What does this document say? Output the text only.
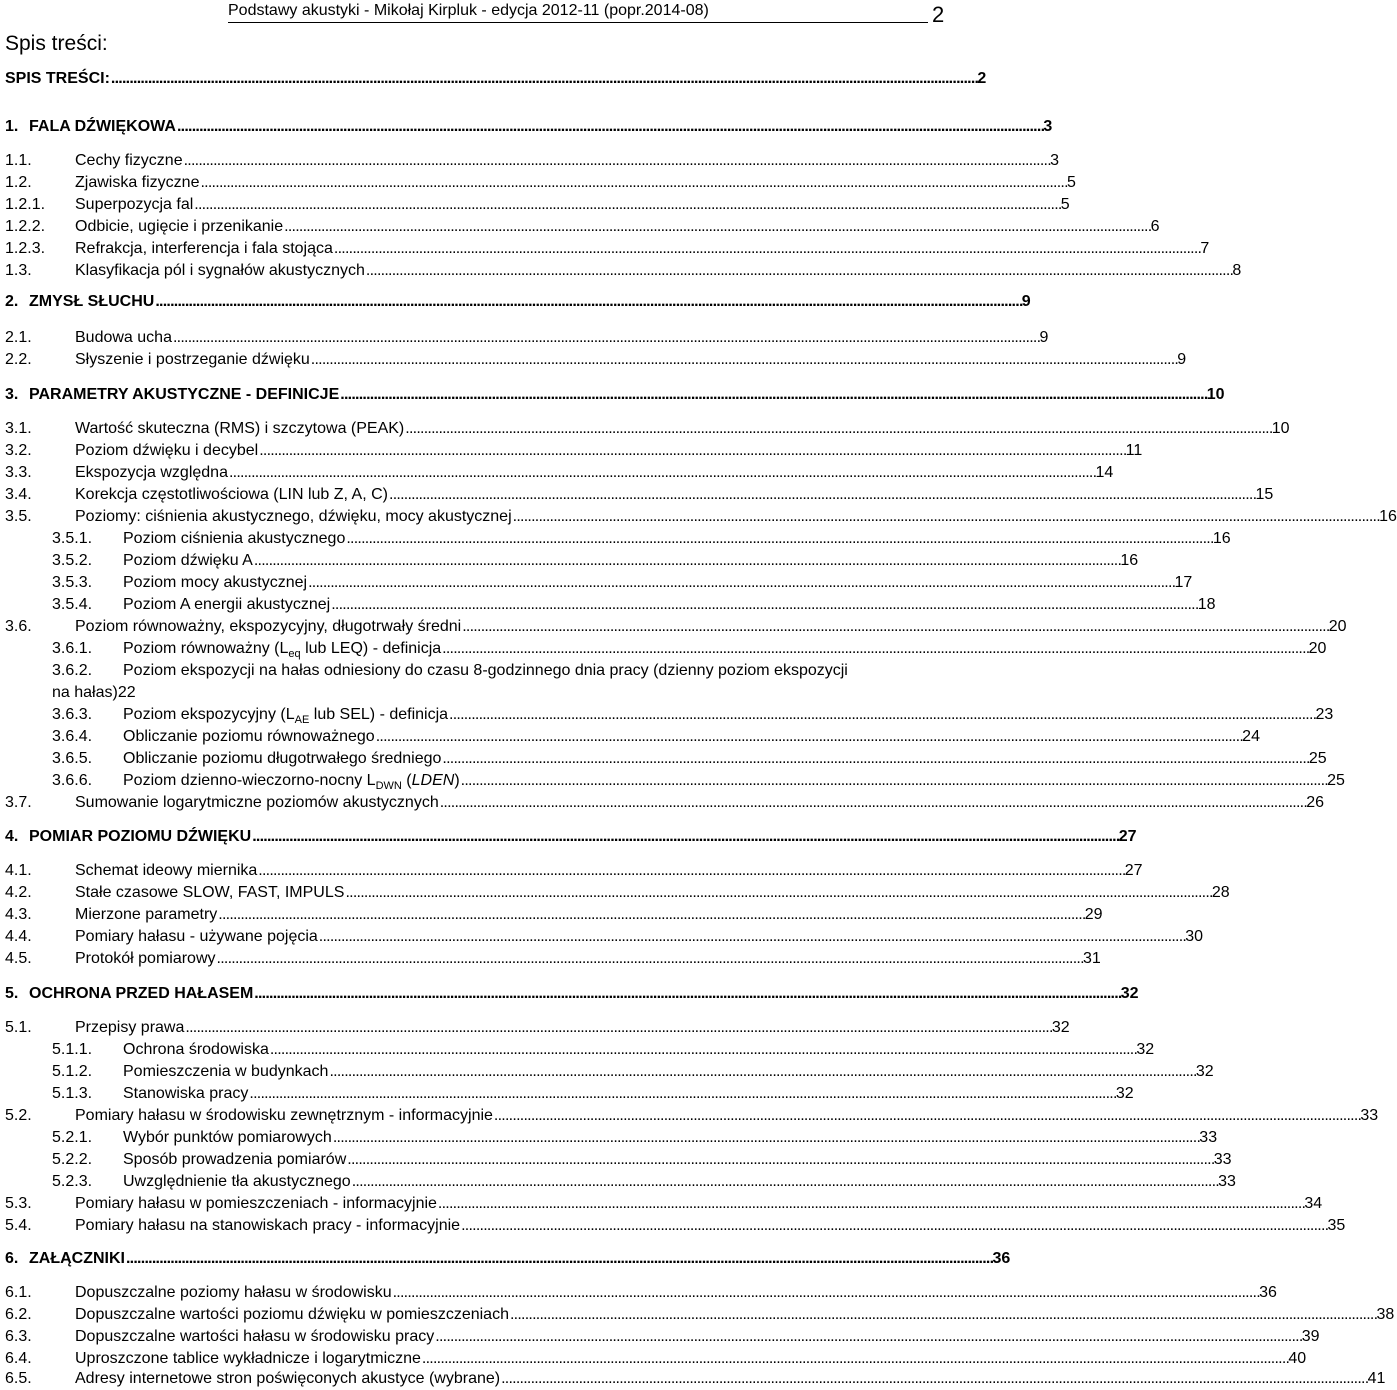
Podstawy akustyki - Mikołaj Kirpluk - edycja 2012-11 (popr.2014-08)	2
Spis treści:
SPIS TREŚCI: . . .	2
1. FALA DŹWIĘKOWA . . .	3
1.1.	Cechy fizyczne . . .	3
1.2.	Zjawiska fizyczne . . .	5
1.2.1.	Superpozycja fal . . .	5
1.2.2.	Odbicie, ugięcie i przenikanie . . .	6
1.2.3.	Refrakcja, interferencja i fala stojąca . . .	7
1.3.	Klasyfikacja pól i sygnałów akustycznych . . .	8
2. ZMYSŁ SŁUCHU . . .	9
2.1.	Budowa ucha . . .	9
2.2.	Słyszenie i postrzeganie dźwięku . . .	9
3. PARAMETRY AKUSTYCZNE - DEFINICJE . . .	10
3.1.	Wartość skuteczna (RMS) i szczytowa (PEAK) . . .	10
3.2.	Poziom dźwięku i decybel . . .	11
3.3.	Ekspozycja względna . . .	14
3.4.	Korekcja częstotliwościowa (LIN lub Z, A, C) . . .	15
3.5.	Poziomy: ciśnienia akustycznego, dźwięku, mocy akustycznej . . .	16
3.5.1.	Poziom ciśnienia akustycznego . . .	16
3.5.2.	Poziom dźwięku A . . .	16
3.5.3.	Poziom mocy akustycznej . . .	17
3.5.4.	Poziom A energii akustycznej . . .	18
3.6.	Poziom równoważny, ekspozycyjny, długotrwały średni . . .	20
3.6.1.	Poziom równoważny ($L_{eq}$ lub LEQ) - definicja . . .	20
3.6.2. Poziom ekspozycji na hałas odniesiony do czasu 8-godzinnego dnia pracy (dzienny poziom ekspozycji
na hałas) 22
3.6.3.	Poziom ekspozycyjny ($L_{AE}$ lub SEL) - definicja . . .	23
3.6.4.	Obliczanie poziomu równoważnego . . .	24
3.6.5.	Obliczanie poziomu długotrwałego średniego . . .	25
3.6.6.	Poziom dzienno-wieczorno-nocny $L_{DWN}$ (LDEN) . . .	25
3.7.	Sumowanie logarytmiczne poziomów akustycznych . . .	26
4. POMIAR POZIOMU DŹWIĘKU . . .	27
4.1.	Schemat ideowy miernika . . .	27
4.2.	Stałe czasowe SLOW, FAST, IMPULS . . .	28
4.3.	Mierzone parametry . . .	29
4.4.	Pomiary hałasu - używane pojęcia . . .	30
4.5.	Protokół pomiarowy . . .	31
5. OCHRONA PRZED HAŁASEM . . .	32
5.1.	Przepisy prawa . . .	32
5.1.1.	Ochrona środowiska . . .	32
5.1.2.	Pomieszczenia w budynkach . . .	32
5.1.3.	Stanowiska pracy . . .	32
5.2.	Pomiary hałasu w środowisku zewnętrznym - informacyjnie . . .	33
5.2.1.	Wybór punktów pomiarowych . . .	33
5.2.2.	Sposób prowadzenia pomiarów . . .	33
5.2.3.	Uwzględnienie tła akustycznego . . .	33
5.3.	Pomiary hałasu w pomieszczeniach - informacyjnie . . .	34
5.4.	Pomiary hałasu na stanowiskach pracy - informacyjnie . . .	35
6. ZAŁĄCZNIKI . . .	36
6.1.	Dopuszczalne poziomy hałasu w środowisku . . .	36
6.2.	Dopuszczalne wartości poziomu dźwięku w pomieszczeniach . . .	38
6.3.	Dopuszczalne wartości hałasu w środowisku pracy . . .	39
6.4.	Uproszczone tablice wykładnicze i logarytmiczne . . .	40
6.5.	Adresy internetowe stron poświęconych akustyce (wybrane) . . .	41
